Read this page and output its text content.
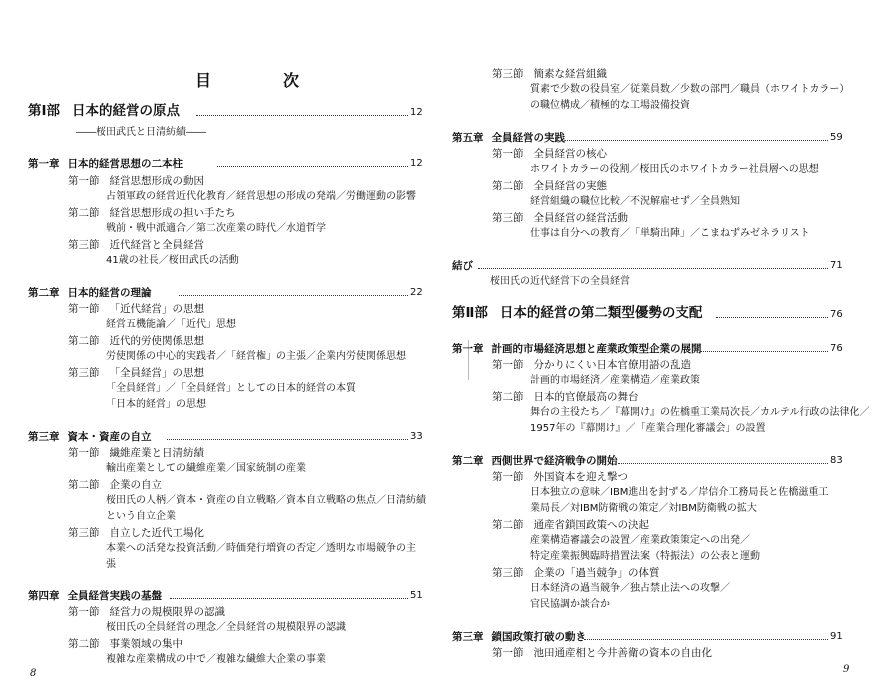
目　次
第Ⅰ部 日本的経営の原点	12
――桜田武氏と日清紡績――
第一章 日本的経営思想の二本柱	12
第一節 経営思想形成の動因
占領軍政の経営近代化教育／経営思想の形成の発端／労働運動の影響
第二節 経営思想形成の担い手たち
戦前・戦中派適合／第二次産業の時代／水道哲学
第三節 近代経営と全員経営
41歳の社長／桜田武氏の活動
第二章 日本的経営の理論	22
第一節 「近代経営」の思想
経営五機能論／「近代」思想
第二節 近代的労使関係思想
労使関係の中心的実践者／「経営権」の主張／企業内労使関係思想
第三節 「全員経営」の思想
「全員経営」／「全員経営」としての日本的経営の本質
「日本的経営」の思想
第三章 資本・資産の自立	33
第一節 繊維産業と日清紡績
輸出産業としての繊維産業／国家統制の産業
第二節 企業の自立
桜田氏の人柄／資本・資産の自立戦略／資本自立戦略の焦点／日清紡績
という自立企業
第三節 自立した近代工場化
本業への活発な投資活動／時価発行増資の否定／透明な市場競争の主
張
第四章 全員経営実践の基盤	51
第一節 経営力の規模限界の認識
桜田氏の全員経営の理念／全員経営の規模限界の認識
第二節 事業領域の集中
複雑な産業構成の中で／複雑な繊維大企業の事業
第三節 簡素な経営組織
質素で少数の役員室／従業員数／少数の部門／職員（ホワイトカラー）
の職位構成／積極的な工場設備投資
第五章 全員経営の実践	59
第一節 全員経営の核心
ホワイトカラーの役割／桜田氏のホワイトカラー社員層への思想
第二節 全員経営の実態
経営組織の職位比較／不況解雇せず／全員熟知
第三節 全員経営の経営活動
仕事は自分への教育／「単騎出陣」／こまねずみゼネラリスト
結び	71
桜田氏の近代経営下の全員経営
第Ⅱ部 日本的経営の第二類型優勢の支配	76
第一章 計画的市場経済思想と産業政策型企業の展開	76
第一節 分かりにくい日本官僚用語の乱造
計画的市場経済／産業構造／産業政策
第二節 日本的官僚最高の舞台
舞台の主役たち／『幕開け』の佐橋重工業局次長／カルテル行政の法律化／
1957年の『幕開け』／「産業合理化審議会」の設置
第二章 西側世界で経済戦争の開始	83
第一節 外国資本を迎え撃つ
日本独立の意味／IBM進出を封ずる／岸信介工務局長と佐橋滋重工
業局長／対IBM防衛戦の策定／対IBM防衛戦の拡大
第二節 通産省鎖国政策への決起
産業構造審議会の設置／産業政策策定への出発／
特定産業振興臨時措置法案（特振法）の公表と運動
第三節 企業の「過当競争」の体質
日本経済の過当競争／独占禁止法への攻撃／
官民協調か談合か
第三章 鎖国政策打破の動き	91
第一節 池田通産相と今井善衛の資本の自由化
8	9
